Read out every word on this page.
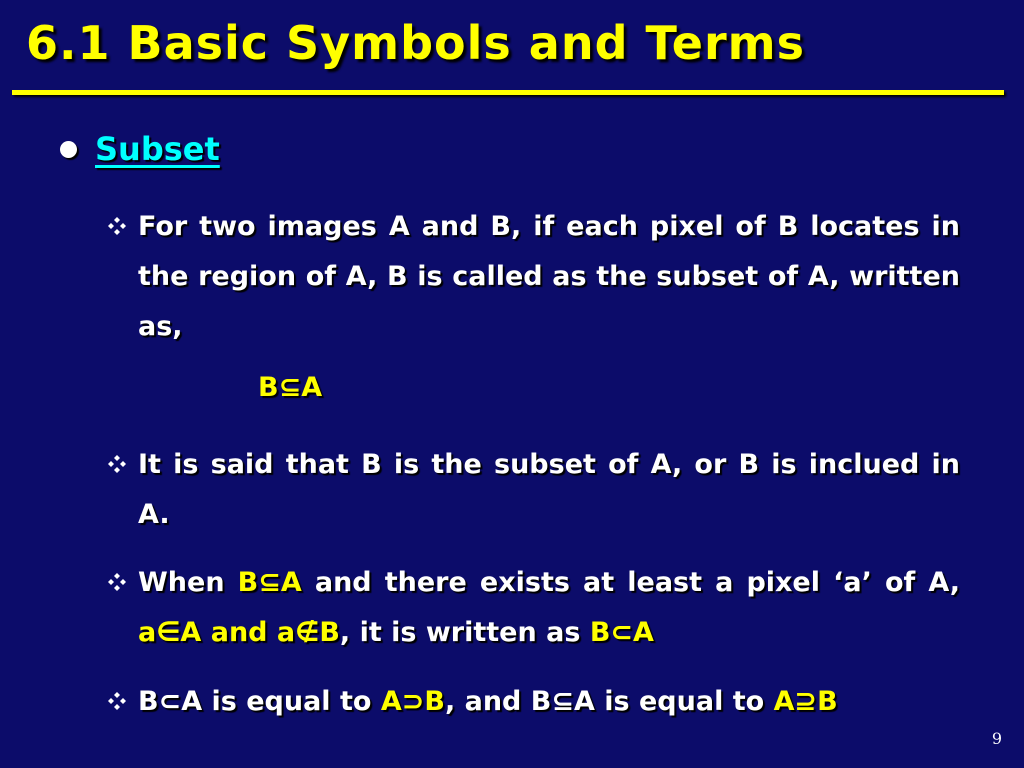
6.1 Basic Symbols and Terms
Subset
For two images A and B, if each pixel of B locates in the region of A, B is called as the subset of A, written as,
B⊆A
It is said that B is the subset of A, or B is inclued in A.
When B⊆A and there exists at least a pixel ‘a’ of A, a∈A and a∉B, it is written as B⊂A
B⊂A is equal to A⊃B, and B⊆A is equal to A⊇B
9
